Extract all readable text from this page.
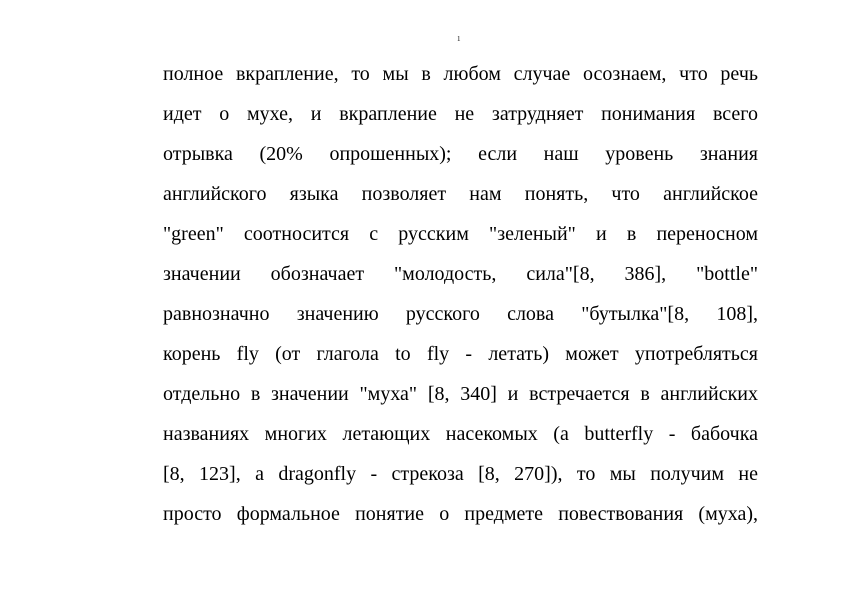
1
полное вкрапление, то мы в любом случае осознаем, что речь
идет о мухе, и вкрапление не затрудняет понимания всего
отрывка (20% опрошенных); если наш уровень знания
английского языка позволяет нам понять, что английское
"green" соотносится с русским "зеленый" и в переносном
значении обозначает "молодость, сила"[8, 386], "bottle"
равнозначно значению русского слова "бутылка"[8, 108],
корень fly (от глагола to fly - летать) может употребляться
отдельно в значении "муха" [8, 340] и встречается в английских
названиях многих летающих насекомых (а butterfly - бабочка
[8, 123], а dragonfly - стрекоза [8, 270]), то мы получим не
просто формальное понятие о предмете повествования (муха),
